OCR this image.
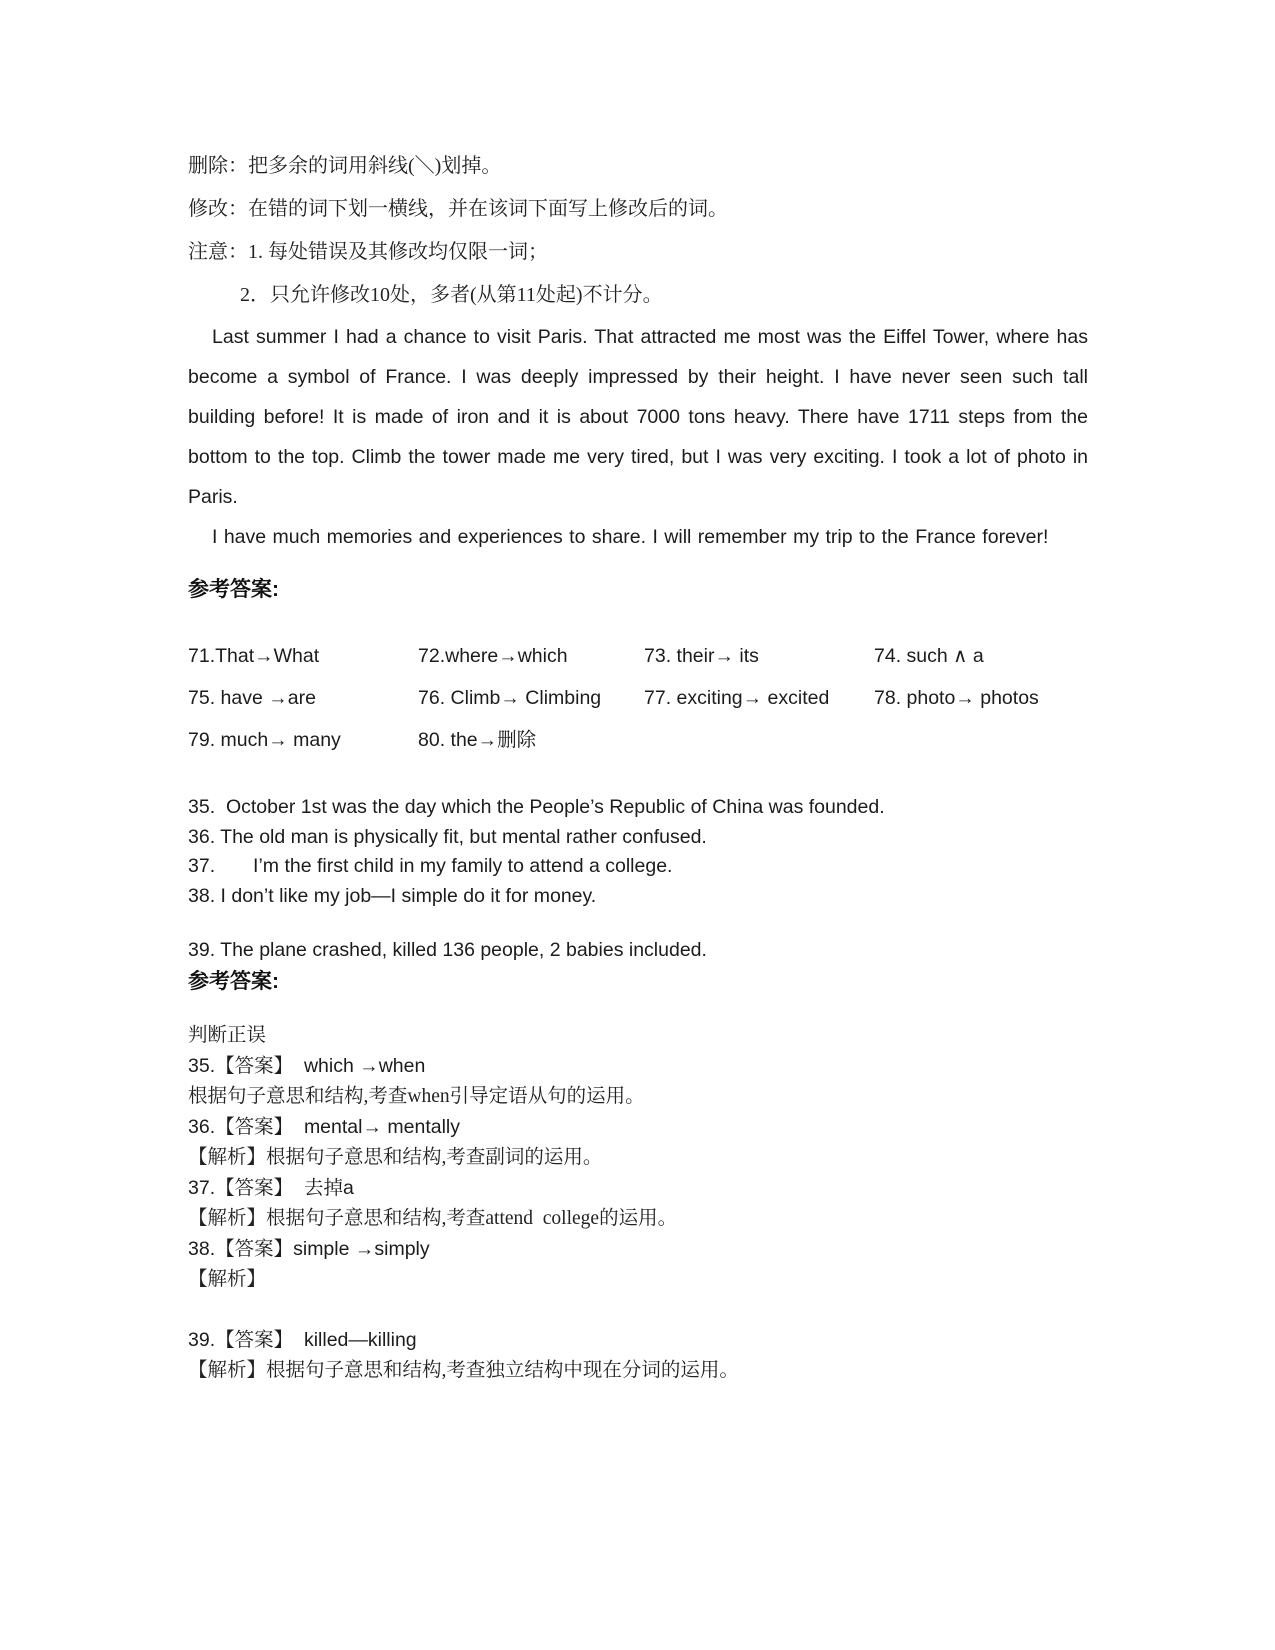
删除：把多余的词用斜线(＼)划掉。
修改：在错的词下划一横线，并在该词下面写上修改后的词。
注意：1. 每处错误及其修改均仅限一词；
2．只允许修改10处，多者(从第11处起)不计分。

Last summer I had a chance to visit Paris. That attracted me most was the Eiffel Tower, where has become a symbol of France. I was deeply impressed by their height. I have never seen such tall building before! It is made of iron and it is about 7000 tons heavy. There have 1711 steps from the bottom to the top. Climb the tower made me very tired, but I was very exciting. I took a lot of photo in Paris.

I have much memories and experiences to share. I will remember my trip to the France forever!

参考答案:
71.That→What	72.where→which	73. their→ its	74. such ∧ a
75. have →are	76. Climb→ Climbing	77. exciting→ excited	78. photo→ photos
79. much→ many	80. the→删除
35.  October 1st was the day which the People’s Republic of China was founded.
36. The old man is physically fit, but mental rather confused.
37.       I’m the first child in my family to attend a college.
38. I don’t like my job—I simple do it for money.
39. The plane crashed, killed 136 people, 2 babies included.
参考答案:
判断正误
35.【答案】  which →when
根据句子意思和结构,考查when引导定语从句的运用。
36.【答案】  mental→ mentally
【解析】根据句子意思和结构,考查副词的运用。
37.【答案】  去掉a
【解析】根据句子意思和结构,考查attend  college的运用。
38.【答案】simple →simply
【解析】
39.【答案】  killed—killing
【解析】根据句子意思和结构,考查独立结构中现在分词的运用。
